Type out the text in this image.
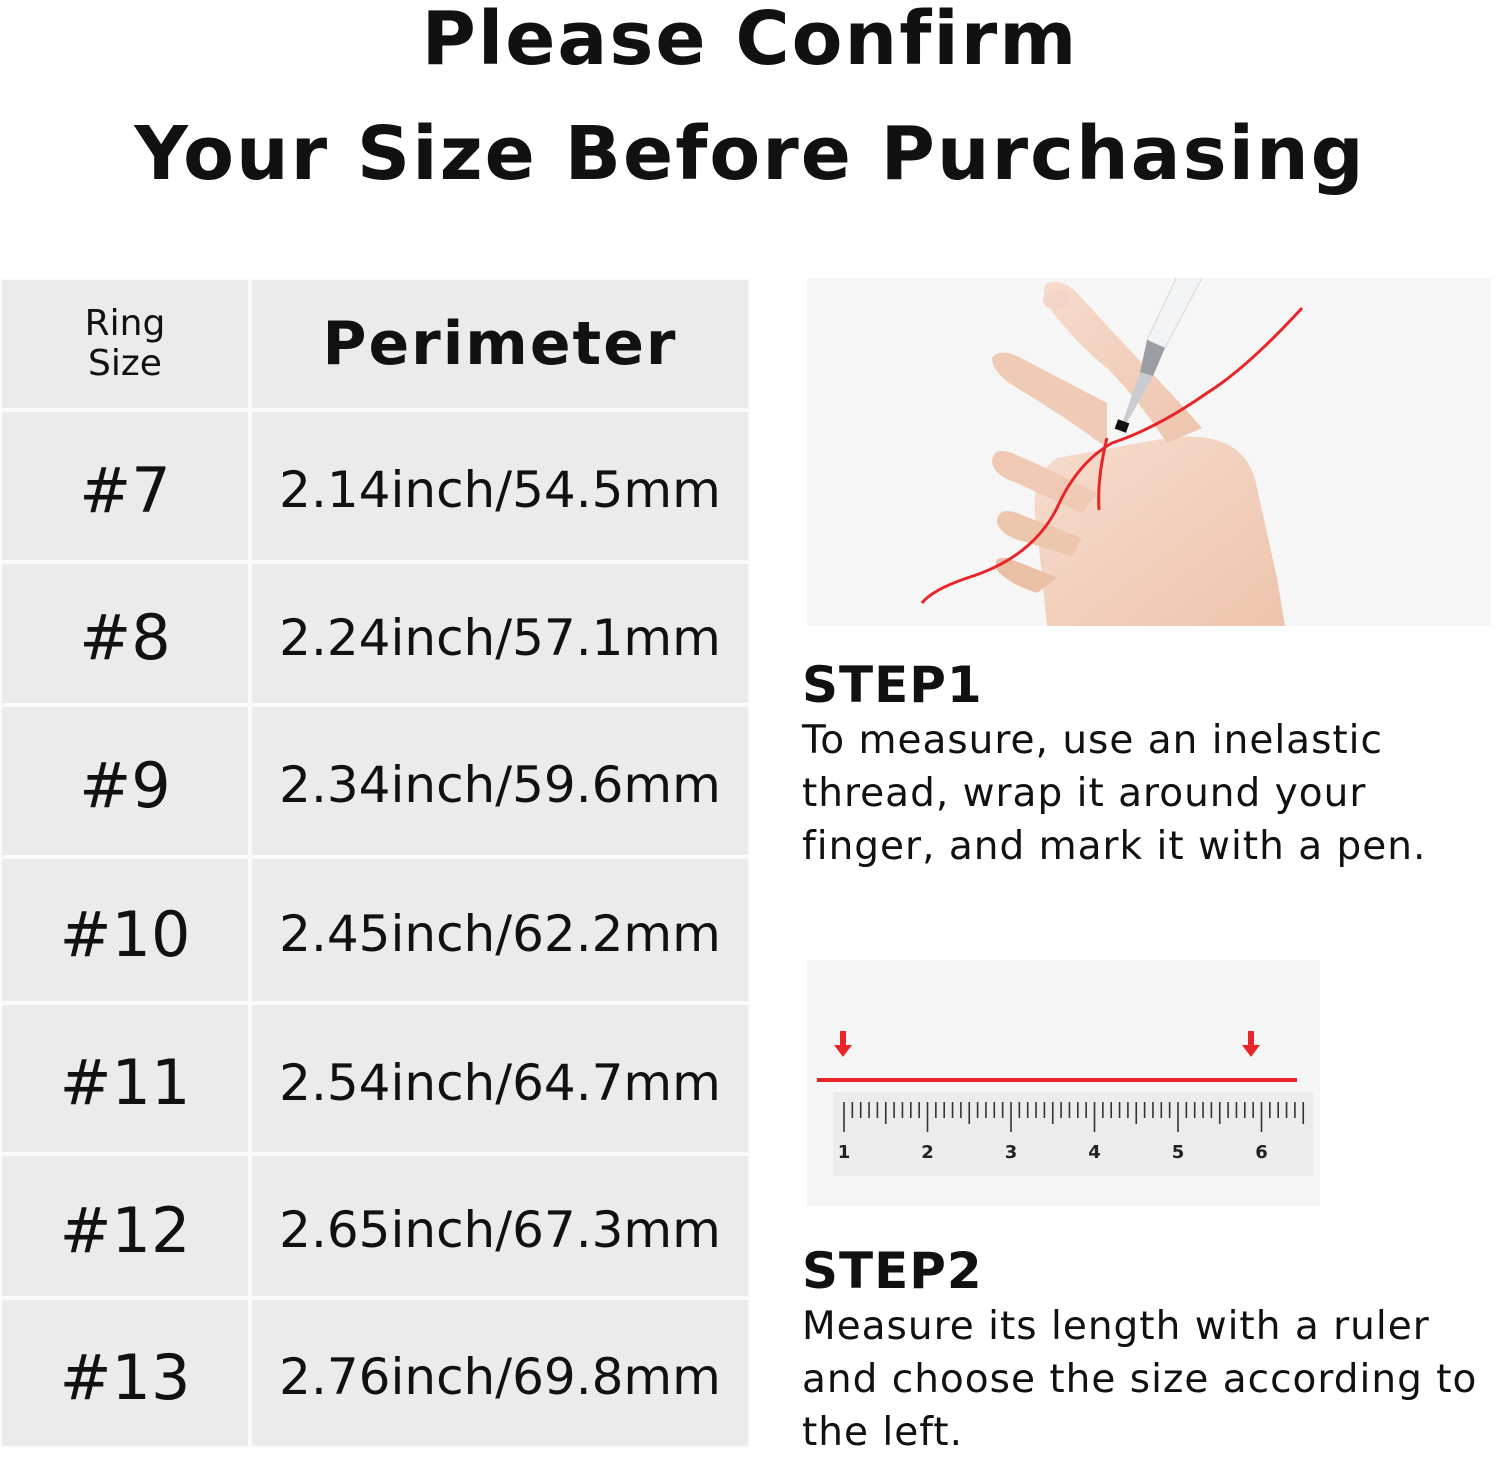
Please Confirm
Your Size Before Purchasing
Ring
Size	Perimeter
#7	2.14inch/54.5mm
#8	2.24inch/57.1mm
#9	2.34inch/59.6mm
#10	2.45inch/62.2mm
#11	2.54inch/64.7mm
#12	2.65inch/67.3mm
#13	2.76inch/69.8mm
STEP1

To measure, use an inelastic thread, wrap it around your finger, and mark it with a pen.

1	2	3	4	5	6
STEP2

Measure its length with a ruler and choose the size according to the left.
